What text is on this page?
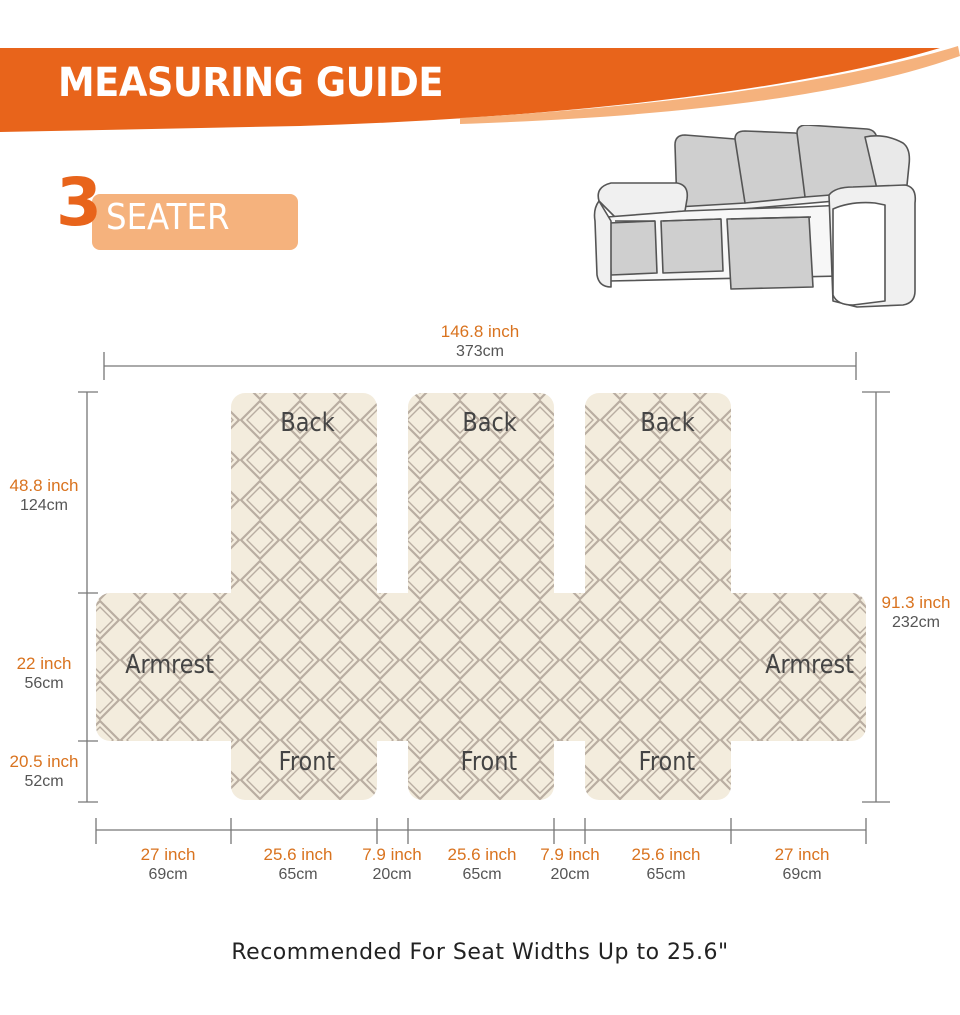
MEASURING GUIDE
3 SEATER
Back	Back	Back
Armrest	Armrest
Front	Front	Front
146.8 inch
373cm
91.3 inch
232cm
48.8 inch
124cm
22 inch
56cm
20.5 inch
52cm
27 inch
69cm
25.6 inch
65cm
7.9 inch
20cm
25.6 inch
65cm
7.9 inch
20cm
25.6 inch
65cm
27 inch
69cm
Recommended For Seat Widths Up to 25.6"
